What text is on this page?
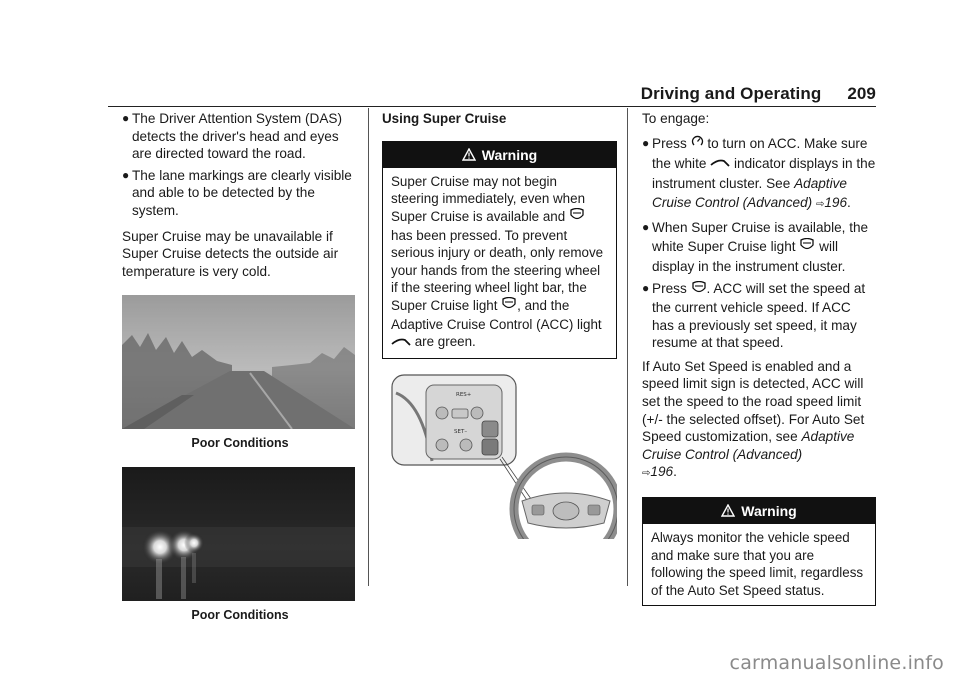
Driving and Operating 209

● The Driver Attention System (DAS) detects the driver's head and eyes are directed toward the road.

● The lane markings are clearly visible and able to be detected by the system.

Super Cruise may be unavailable if Super Cruise detects the outside air temperature is very cold.

Poor Conditions

Poor Conditions

Using Super Cruise

Warning
Super Cruise may not begin steering immediately, even when Super Cruise is available and  has been pressed. To prevent serious injury or death, only remove your hands from the steering wheel if the steering wheel light bar, the Super Cruise light , and the Adaptive Cruise Control (ACC) light  are green.
RES+
SET–

To engage:

● Press to turn on ACC. Make sure the white indicator displays in the instrument cluster. See Adaptive Cruise Control (Advanced) ⇨196.

● When Super Cruise is available, the white Super Cruise light will display in the instrument cluster.

● Press . ACC will set the speed at the current vehicle speed. If ACC has a previously set speed, it may resume at that speed.

If Auto Set Speed is enabled and a speed limit sign is detected, ACC will set the speed to the road speed limit (+/- the selected offset). For Auto Set Speed customization, see Adaptive Cruise Control (Advanced)
⇨196.

Warning
Always monitor the vehicle speed and make sure that you are following the speed limit, regardless of the Auto Set Speed status.
carmanualsonline.info
